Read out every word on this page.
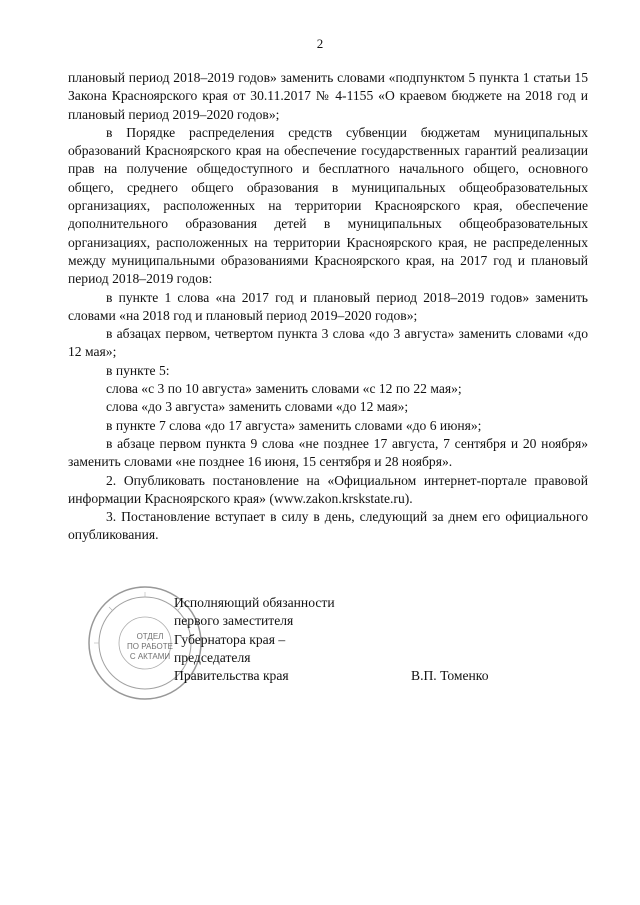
2

плановый период 2018–2019 годов» заменить словами «подпунктом 5 пункта 1 статьи 15 Закона Красноярского края от 30.11.2017 № 4-1155 «О краевом бюджете на 2018 год и плановый период 2019–2020 годов»;

в Порядке распределения средств субвенции бюджетам муниципальных образований Красноярского края на обеспечение государственных гарантий реализации прав на получение общедоступного и бесплатного начального общего, основного общего, среднего общего образования в муниципальных общеобразовательных организациях, расположенных на территории Красноярского края, обеспечение дополнительного образования детей в муниципальных общеобразовательных организациях, расположенных на территории Красноярского края, не распределенных между муниципальными образованиями Красноярского края, на 2017 год и плановый период 2018–2019 годов:

в пункте 1 слова «на 2017 год и плановый период 2018–2019 годов» заменить словами «на 2018 год и плановый период 2019–2020 годов»;

в абзацах первом, четвертом пункта 3 слова «до 3 августа» заменить словами «до 12 мая»;

в пункте 5:

слова «с 3 по 10 августа» заменить словами «с 12 по 22 мая»;

слова «до 3 августа» заменить словами «до 12 мая»;

в пункте 7 слова «до 17 августа» заменить словами «до 6 июня»;

в абзаце первом пункта 9 слова «не позднее 17 августа, 7 сентября и 20 ноября» заменить словами «не позднее 16 июня, 15 сентября и 28 ноября».

2. Опубликовать постановление на «Официальном интернет-портале правовой информации Красноярского края» (www.zakon.krskstate.ru).

3. Постановление вступает в силу в день, следующий за днем его официального опубликования.

ОТДЕЛ
ПО РАБОТЕ
С АКТАМИ
Исполняющий обязанности
первого заместителя
Губернатора края –
председателя
Правительства края	В.П. Томенко
